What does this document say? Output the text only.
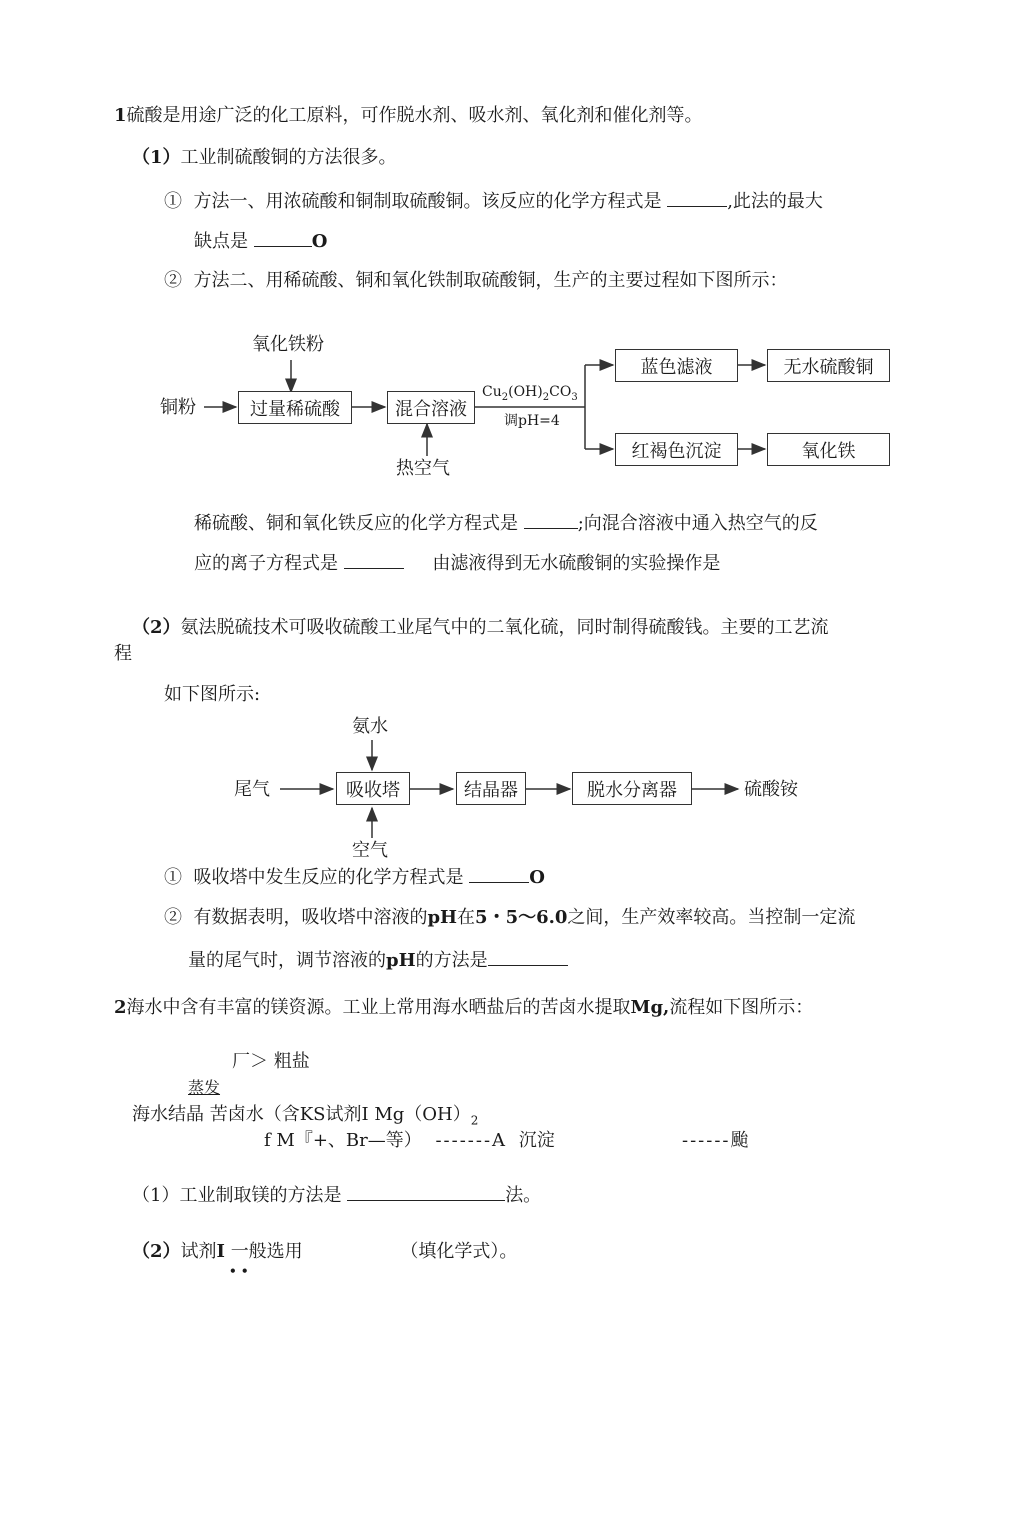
1硫酸是用途广泛的化工原料，可作脱水剂、吸水剂、氧化剂和催化剂等。
（1）工业制硫酸铜的方法很多。
① 方法一、用浓硫酸和铜制取硫酸铜。该反应的化学方程式是	,此法的最大
缺点是	O
② 方法二、用稀硫酸、铜和氧化铁制取硫酸铜，生产的主要过程如下图所示：
氧化铁粉
铜粉	过量稀硫酸	混合溶液
热空气
$Cu_2(OH)_2CO_3$
调pH=4
蓝色滤液	无水硫酸铜
红褐色沉淀	氧化铁
稀硫酸、铜和氧化铁反应的化学方程式是	;向混合溶液中通入热空气的反
应的离子方程式是	由滤液得到无水硫酸铜的实验操作是
（2）氨法脱硫技术可吸收硫酸工业尾气中的二氧化硫，同时制得硫酸钱。主要的工艺流
程
如下图所示:
氨水
尾气	吸收塔	结晶器	脱水分离器	硫酸铵
空气
① 吸收塔中发生反应的化学方程式是	O
② 有数据表明，吸收塔中溶液的pH在5・5～6.0之间，生产效率较高。当控制一定流
量的尾气时，调节溶液的pH的方法是
2海水中含有丰富的镁资源。工业上常用海水晒盐后的苦卤水提取Mg,流程如下图所示：
厂＞ 粗盐
蒸发
海水结晶 苦卤水（含KS试剂I $Mg(OH)_2$
f M『+、Br—等） -------A 沉淀	------颱
（1）工业制取镁的方法是	法。
（2）试剂I 一般选用	（填化学式）。
• •
